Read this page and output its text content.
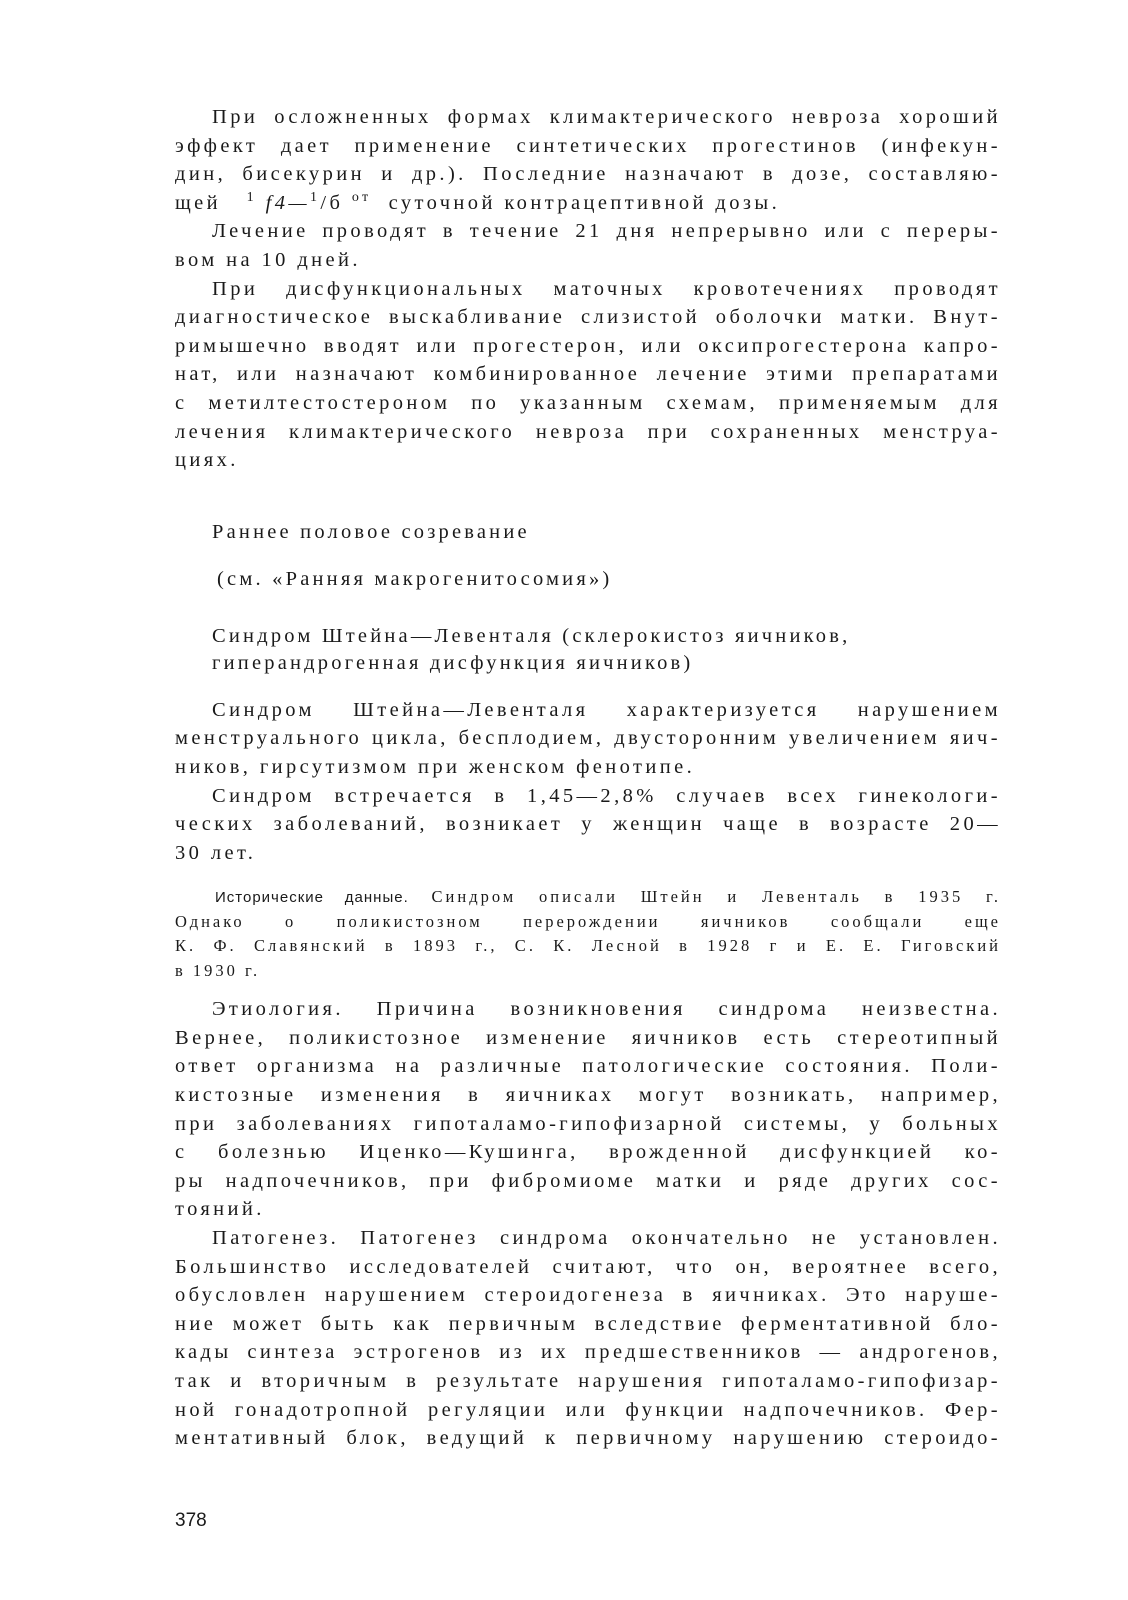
При осложненных формах климактерического невроза хороший
эффект дает применение синтетических прогестинов (инфекун-
дин, бисекурин и др.). Последние назначают в дозе, составляю-
щей $^1$ f4—$^1$/б $^{от}$ суточной контрацептивной дозы.
Лечение проводят в течение 21 дня непрерывно или с переры-
вом на 10 дней.
При дисфункциональных маточных кровотечениях проводят
диагностическое выскабливание слизистой оболочки матки. Внут-
римышечно вводят или прогестерон, или оксипрогестерона капро-
нат, или назначают комбинированное лечение этими препаратами
с метилтестостероном по указанным схемам, применяемым для
лечения климактерического невроза при сохраненных менструа-
циях.
Раннее половое созревание
(см. «Ранняя макрогенитосомия»)
Синдром Штейна—Левенталя (склерокистоз яичников,
гиперандрогенная дисфункция яичников)
Синдром Штейна—Левенталя характеризуется нарушением
менструального цикла, бесплодием, двусторонним увеличением яич-
ников, гирсутизмом при женском фенотипе.
Синдром встречается в 1,45—2,8% случаев всех гинекологи-
ческих заболеваний, возникает у женщин чаще в возрасте 20—
30 лет.
Исторические данные. Синдром описали Штейн и Левенталь в 1935 г.
Однако о поликистозном перерождении яичников сообщали еще
К. Ф. Славянский в 1893 г., С. К. Лесной в 1928 г и Е. Е. Гиговский
в 1930 г.
Этиология. Причина возникновения синдрома неизвестна.
Вернее, поликистозное изменение яичников есть стереотипный
ответ организма на различные патологические состояния. Поли-
кистозные изменения в яичниках могут возникать, например,
при заболеваниях гипоталамо-гипофизарной системы, у больных
с болезнью Иценко—Кушинга, врожденной дисфункцией ко-
ры надпочечников, при фибромиоме матки и ряде других сос-
тояний.
Патогенез. Патогенез синдрома окончательно не установлен.
Большинство исследователей считают, что он, вероятнее всего,
обусловлен нарушением стероидогенеза в яичниках. Это наруше-
ние может быть как первичным вследствие ферментативной бло-
кады синтеза эстрогенов из их предшественников — андрогенов,
так и вторичным в результате нарушения гипоталамо-гипофизар-
ной гонадотропной регуляции или функции надпочечников. Фер-
ментативный блок, ведущий к первичному нарушению стероидо-
378
